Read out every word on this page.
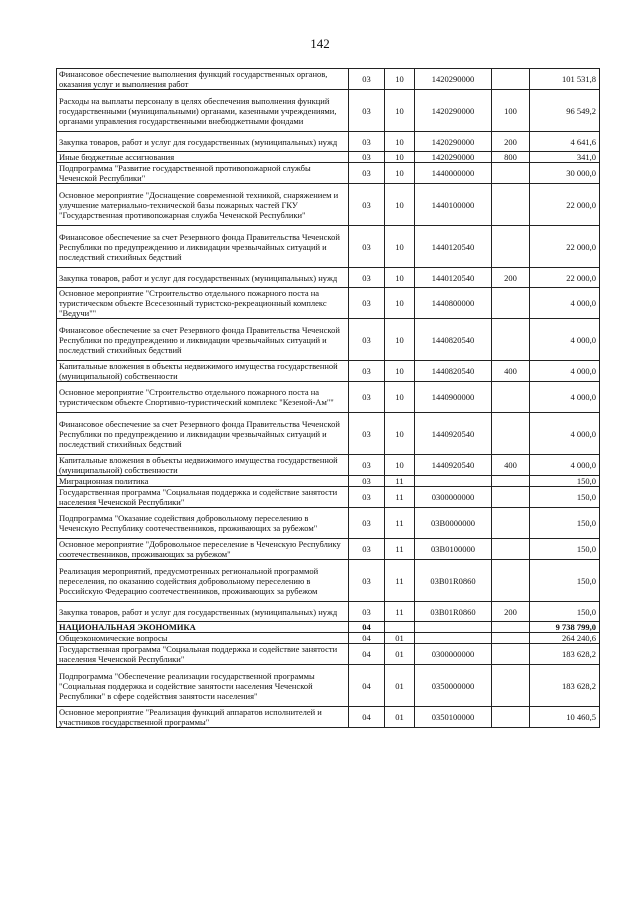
142
Финансовое обеспечение выполнения функций государственных органов, оказания услуг и выполнения работ	03	10	1420290000		101 531,8
Расходы на выплаты персоналу в целях обеспечения выполнения функций государственными (муниципальными) органами, казенными учреждениями, органами управления государственными внебюджетными фондами	03	10	1420290000	100	96 549,2
Закупка товаров, работ и услуг для государственных (муниципальных) нужд	03	10	1420290000	200	4 641,6
Иные бюджетные ассигнования	03	10	1420290000	800	341,0
Подпрограмма "Развитие государственной противопожарной службы Чеченской Республики"	03	10	1440000000		30 000,0
Основное мероприятие "Доснащение современной техникой, снаряжением и улучшение материально-технической базы пожарных частей ГКУ "Государственная противопожарная служба Чеченской Республики"	03	10	1440100000		22 000,0
Финансовое обеспечение за счет Резервного фонда Правительства Чеченской Республики по предупреждению и ликвидации чрезвычайных ситуаций и последствий стихийных бедствий	03	10	1440120540		22 000,0
Закупка товаров, работ и услуг для государственных (муниципальных) нужд	03	10	1440120540	200	22 000,0
Основное мероприятие "Строительство отдельного пожарного поста на туристическом объекте Всесезонный туристско-рекреационный комплекс "Ведучи""	03	10	1440800000		4 000,0
Финансовое обеспечение за счет Резервного фонда Правительства Чеченской Республики по предупреждению и ликвидации чрезвычайных ситуаций и последствий стихийных бедствий	03	10	1440820540		4 000,0
Капитальные вложения в объекты недвижимого имущества государственной (муниципальной) собственности	03	10	1440820540	400	4 000,0
Основное мероприятие "Строительство отдельного пожарного поста на туристическом объекте Спортивно-туристический комплекс "Кезеной-Ам""	03	10	1440900000		4 000,0
Финансовое обеспечение за счет Резервного фонда Правительства Чеченской Республики по предупреждению и ликвидации чрезвычайных ситуаций и последствий стихийных бедствий	03	10	1440920540		4 000,0
Капитальные вложения в объекты недвижимого имущества государственной (муниципальной) собственности	03	10	1440920540	400	4 000,0
Миграционная политика	03	11			150,0
Государственная программа "Социальная поддержка и содействие занятости населения Чеченской Республики"	03	11	0300000000		150,0
Подпрограмма "Оказание содействия добровольному переселению в Чеченскую Республику соотечественников, проживающих за рубежом"	03	11	03В0000000		150,0
Основное мероприятие "Добровольное переселение в Чеченскую Республику соотечественников, проживающих за рубежом"	03	11	03В0100000		150,0
Реализация мероприятий, предусмотренных региональной программой переселения, по оказанию содействия добровольному переселению в Российскую Федерацию соотечественников, проживающих за рубежом	03	11	03В01R0860		150,0
Закупка товаров, работ и услуг для государственных (муниципальных) нужд	03	11	03В01R0860	200	150,0
НАЦИОНАЛЬНАЯ ЭКОНОМИКА	04				9 738 799,0
Общеэкономические вопросы	04	01			264 240,6
Государственная программа "Социальная поддержка и содействие занятости населения Чеченской Республики"	04	01	0300000000		183 628,2
Подпрограмма "Обеспечение реализации государственной программы "Социальная поддержка и содействие занятости населения Чеченской Республики" в сфере содействия занятости населения"	04	01	0350000000		183 628,2
Основное мероприятие "Реализация функций аппаратов исполнителей и участников государственной программы"	04	01	0350100000		10 460,5
